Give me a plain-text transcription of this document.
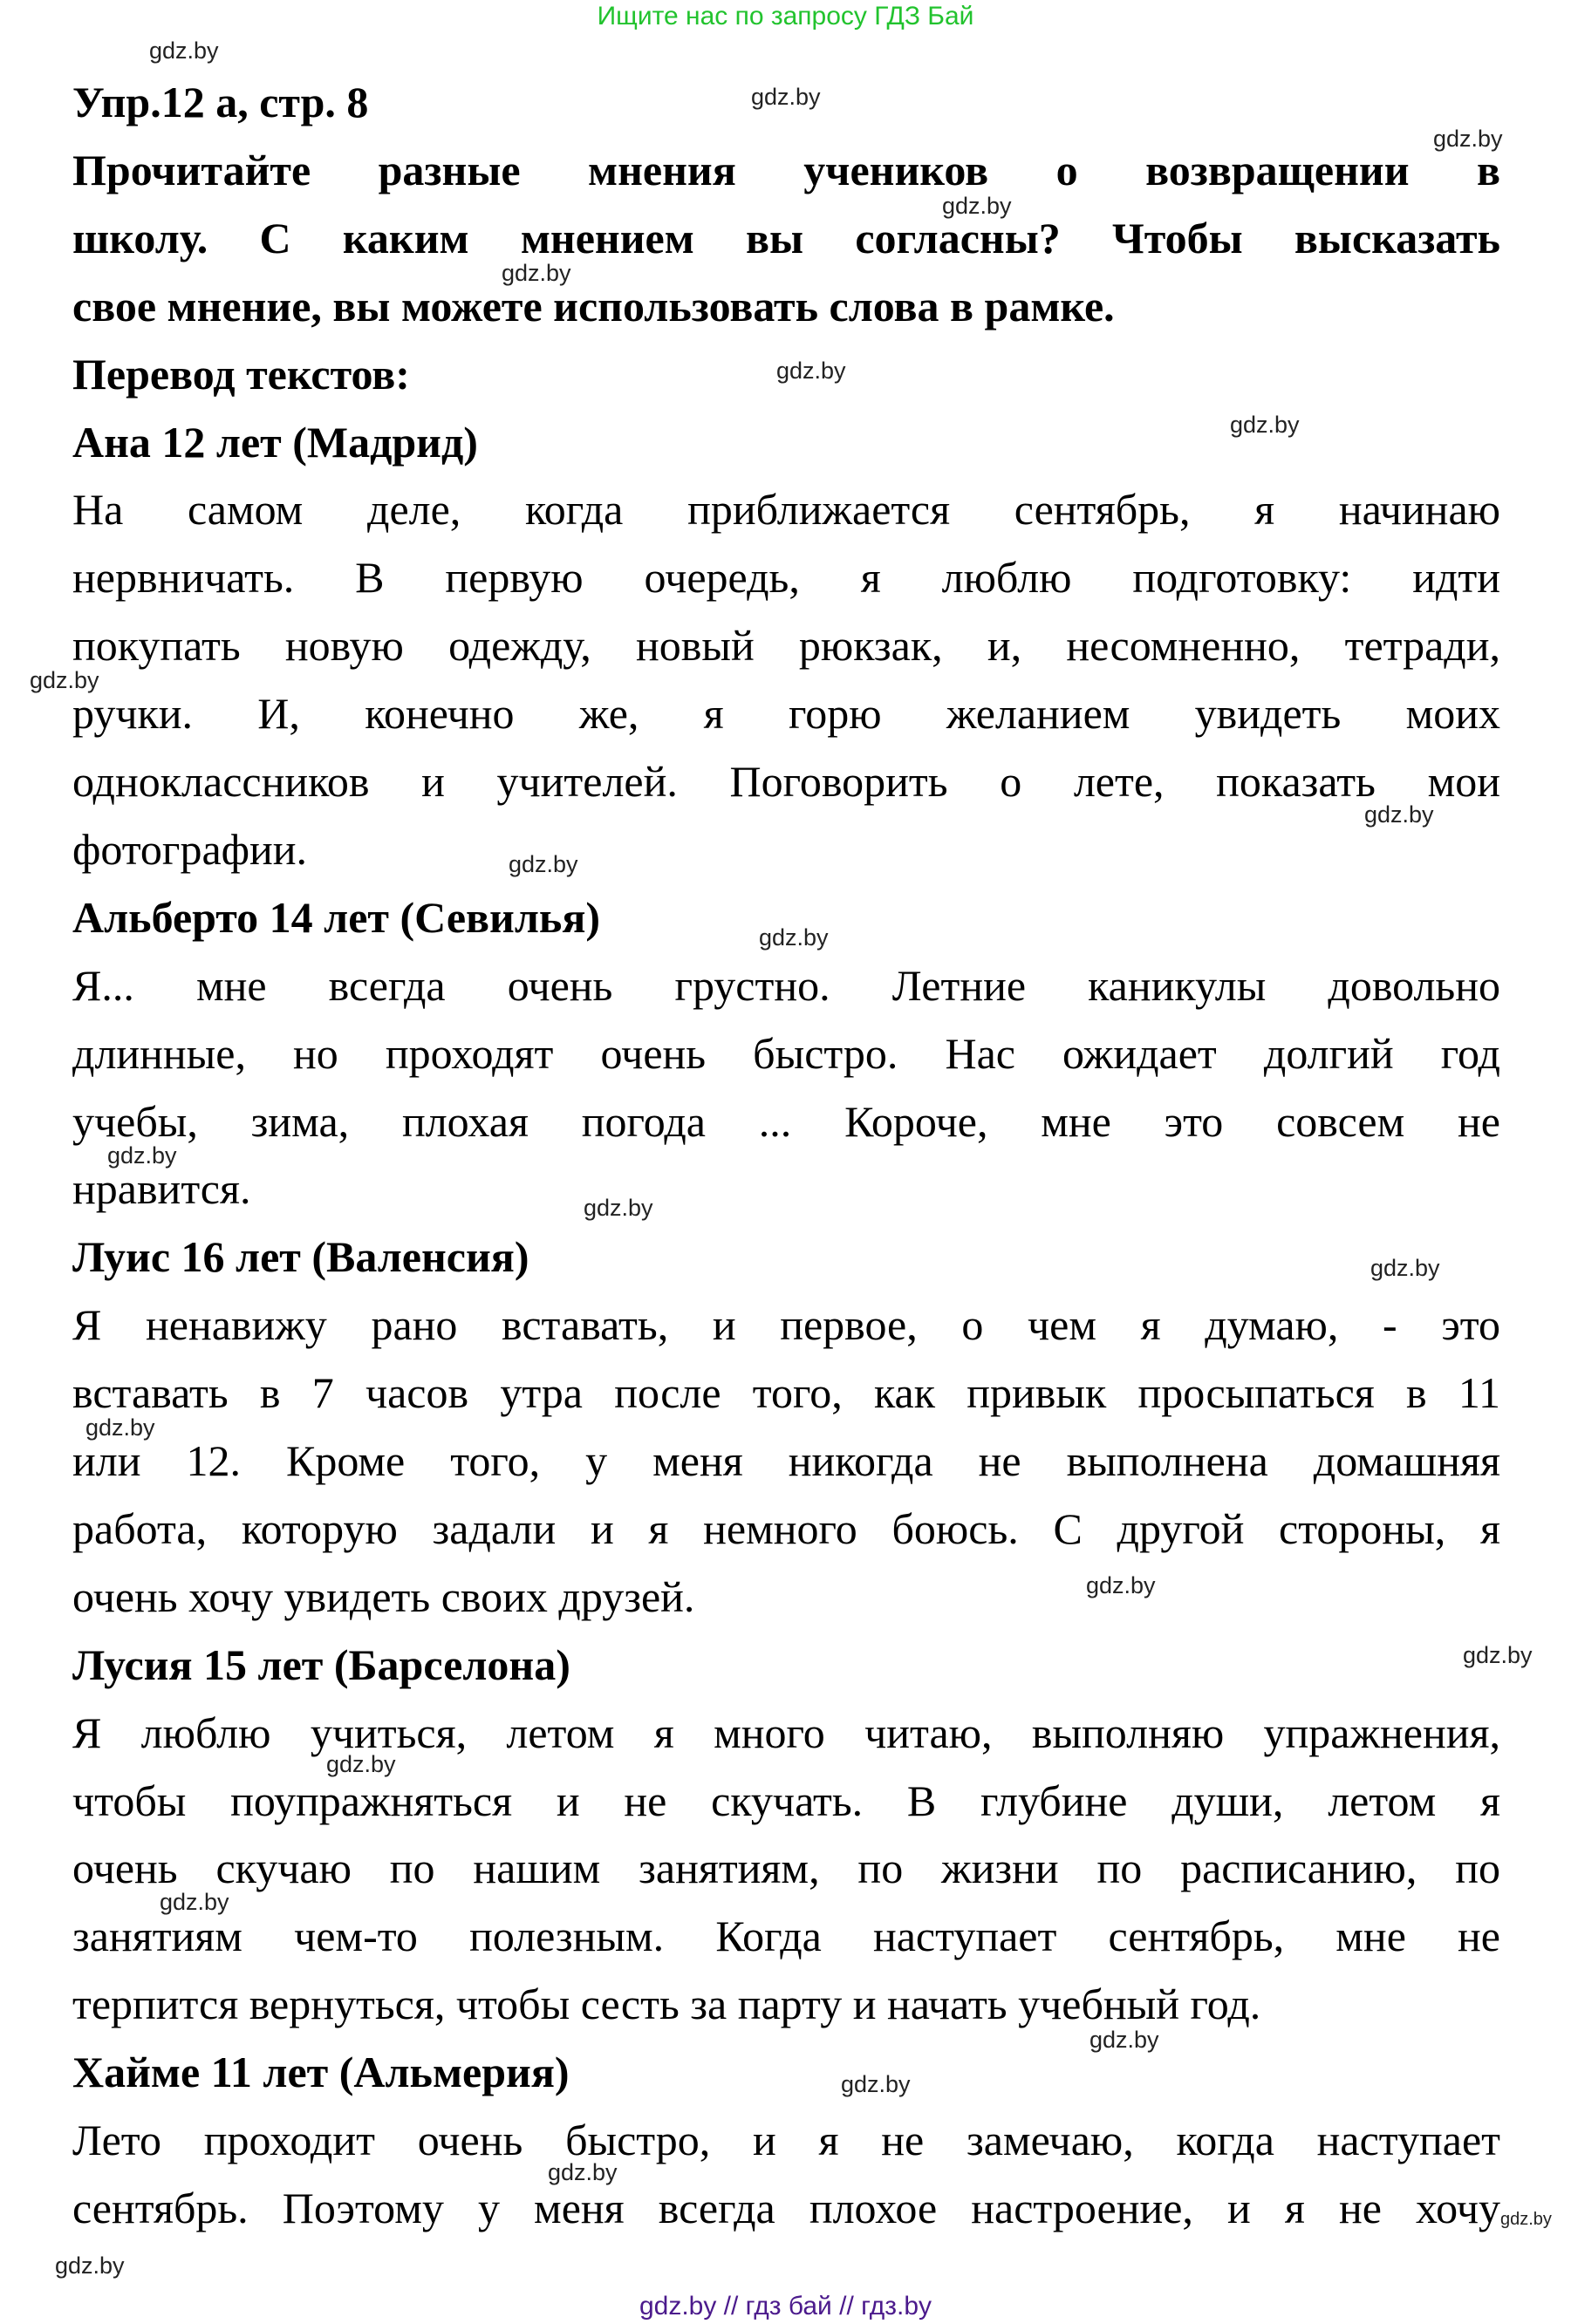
Ищите нас по запросу ГДЗ Бай
Упр.12 а, стр. 8
Прочитайте разные мнения учеников о возвращении в
школу. С каким мнением вы согласны? Чтобы высказать
свое мнение, вы можете использовать слова в рамке.
Перевод текстов:
Ана 12 лет (Мадрид)
На самом деле, когда приближается сентябрь, я начинаю
нервничать. В первую очередь, я люблю подготовку: идти
покупать новую одежду, новый рюкзак, и, несомненно, тетради,
ручки. И, конечно же, я горю желанием увидеть моих
одноклассников и учителей. Поговорить о лете, показать мои
фотографии.
Альберто 14 лет (Севилья)
Я... мне всегда очень грустно. Летние каникулы довольно
длинные, но проходят очень быстро. Нас ожидает долгий год
учебы, зима, плохая погода ... Короче, мне это совсем не
нравится.
Луис 16 лет (Валенсия)
Я ненавижу рано вставать, и первое, о чем я думаю, - это
вставать в 7 часов утра после того, как привык просыпаться в 11
или 12. Кроме того, у меня никогда не выполнена домашняя
работа, которую задали и я немного боюсь. С другой стороны, я
очень хочу увидеть своих друзей.
Лусия 15 лет (Барселона)
Я люблю учиться, летом я много читаю, выполняю упражнения,
чтобы поупражняться и не скучать. В глубине души, летом я
очень скучаю по нашим занятиям, по жизни по расписанию, по
занятиям чем-то полезным. Когда наступает сентябрь, мне не
терпится вернуться, чтобы сесть за парту и начать учебный год.
Хайме 11 лет (Альмерия)
Лето проходит очень быстро, и я не замечаю, когда наступает
сентябрь. Поэтому у меня всегда плохое настроение, и я не хочу
gdz.by
gdz.by
gdz.by
gdz.by
gdz.by
gdz.by
gdz.by
gdz.by
gdz.by
gdz.by
gdz.by
gdz.by
gdz.by
gdz.by
gdz.by
gdz.by
gdz.by
gdz.by
gdz.by
gdz.by
gdz.by
gdz.by
gdz.by
gdz.by
gdz.by // гдз бай // гдз.by
